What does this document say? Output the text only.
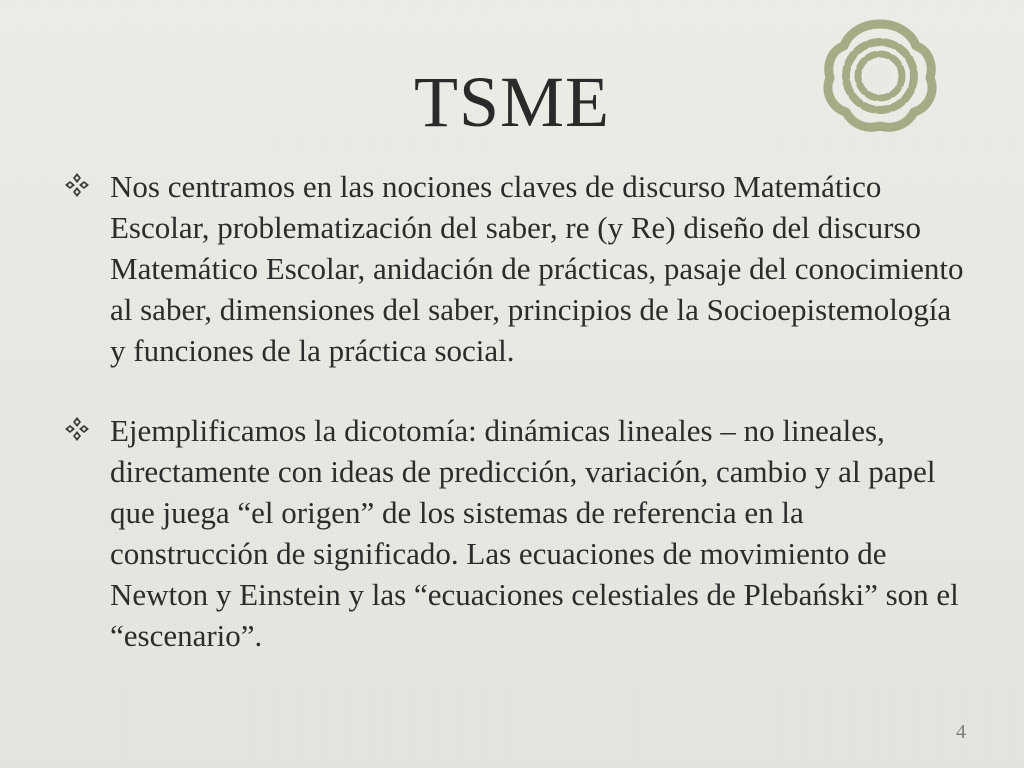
TSME
Nos centramos en las nociones claves de discurso Matemático Escolar, problematización del saber, re (y Re) diseño del discurso Matemático Escolar, anidación de prácticas, pasaje del conocimiento al saber, dimensiones del saber, principios de la Socioepistemología y funciones de la práctica social.
Ejemplificamos la dicotomía: dinámicas lineales – no lineales, directamente con ideas de predicción, variación, cambio y al papel que juega “el origen” de los sistemas de referencia en la construcción de significado. Las ecuaciones de movimiento de Newton y Einstein y las “ecuaciones celestiales de Plebański” son el “escenario”.
4
